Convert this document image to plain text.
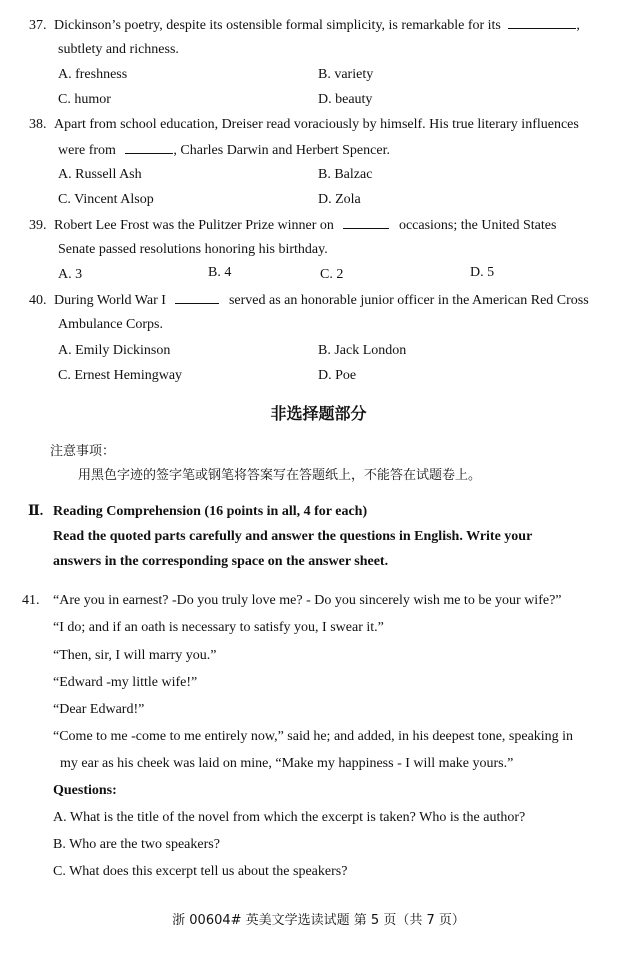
37. Dickinson’s poetry, despite its ostensible formal simplicity, is remarkable for its	,
subtlety and richness.
A. freshness	B. variety
C. humor	D. beauty
38. Apart from school education, Dreiser read voraciously by himself. His true literary influences
were from	, Charles Darwin and Herbert Spencer.
A. Russell Ash	B. Balzac
C. Vincent Alsop	D. Zola
39. Robert Lee Frost was the Pulitzer Prize winner on	occasions; the United States
Senate passed resolutions honoring his birthday.
A. 3	B. 4	C. 2	D. 5
40. During World War I	served as an honorable junior officer in the American Red Cross
Ambulance Corps.
A. Emily Dickinson	B. Jack London
C. Ernest Hemingway	D. Poe
非选择题部分
注意事项：
用黑色字迹的签字笔或钢笔将答案写在答题纸上，不能答在试题卷上。
Ⅱ. Reading Comprehension (16 points in all, 4 for each)
Read the quoted parts carefully and answer the questions in English. Write your
answers in the corresponding space on the answer sheet.
41. “Are you in earnest? -Do you truly love me? - Do you sincerely wish me to be your wife?”
“I do; and if an oath is necessary to satisfy you, I swear it.”
“Then, sir, I will marry you.”
“Edward -my little wife!”
“Dear Edward!”
“Come to me -come to me entirely now,” said he; and added, in his deepest tone, speaking in
my ear as his cheek was laid on mine, “Make my happiness - I will make yours.”
Questions:
A. What is the title of the novel from which the excerpt is taken? Who is the author?
B. Who are the two speakers?
C. What does this excerpt tell us about the speakers?
浙 00604# 英美文学选读试题 第 5 页（共 7 页）
